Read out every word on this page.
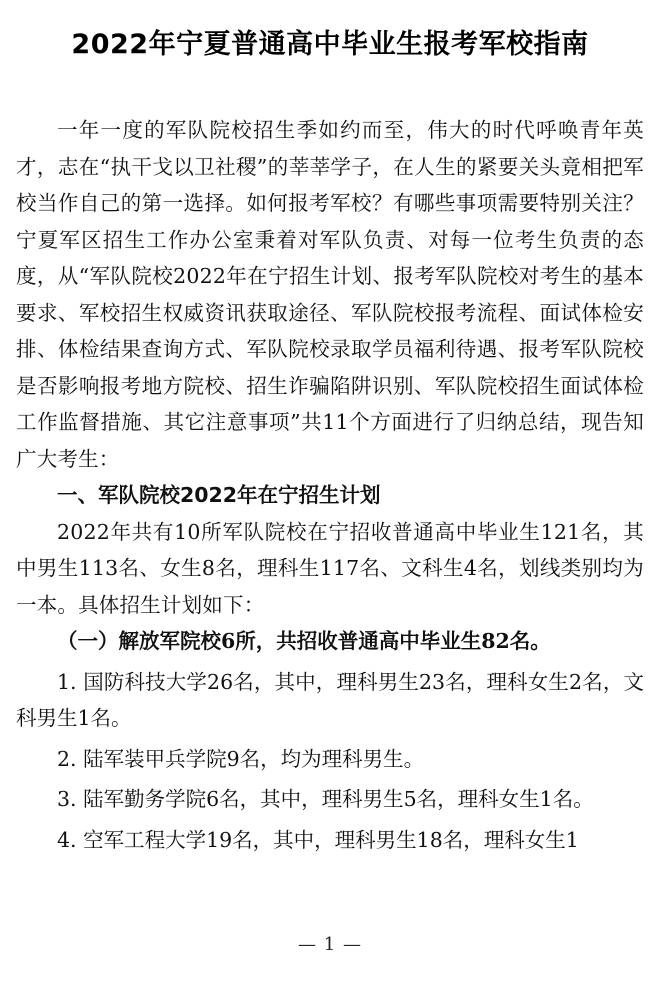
2022年宁夏普通高中毕业生报考军校指南

一年一度的军队院校招生季如约而至，伟大的时代呼唤青年英才，志在“执干戈以卫社稷”的莘莘学子，在人生的紧要关头竟相把军校当作自己的第一选择。如何报考军校？有哪些事项需要特别关注？宁夏军区招生工作办公室秉着对军队负责、对每一位考生负责的态度，从“军队院校2022年在宁招生计划、报考军队院校对考生的基本要求、军校招生权威资讯获取途径、军队院校报考流程、面试体检安排、体检结果查询方式、军队院校录取学员福利待遇、报考军队院校是否影响报考地方院校、招生诈骗陷阱识别、军队院校招生面试体检工作监督措施、其它注意事项”共11个方面进行了归纳总结，现告知广大考生：

一、军队院校2022年在宁招生计划

2022年共有10所军队院校在宁招收普通高中毕业生121名，其中男生113名、女生8名，理科生117名、文科生4名，划线类别均为一本。具体招生计划如下：

（一）解放军院校6所，共招收普通高中毕业生82名。

1. 国防科技大学26名，其中，理科男生23名，理科女生2名，文科男生1名。

2. 陆军装甲兵学院9名，均为理科男生。

3. 陆军勤务学院6名，其中，理科男生5名，理科女生1名。

4. 空军工程大学19名，其中，理科男生18名，理科女生1

— 1 —
